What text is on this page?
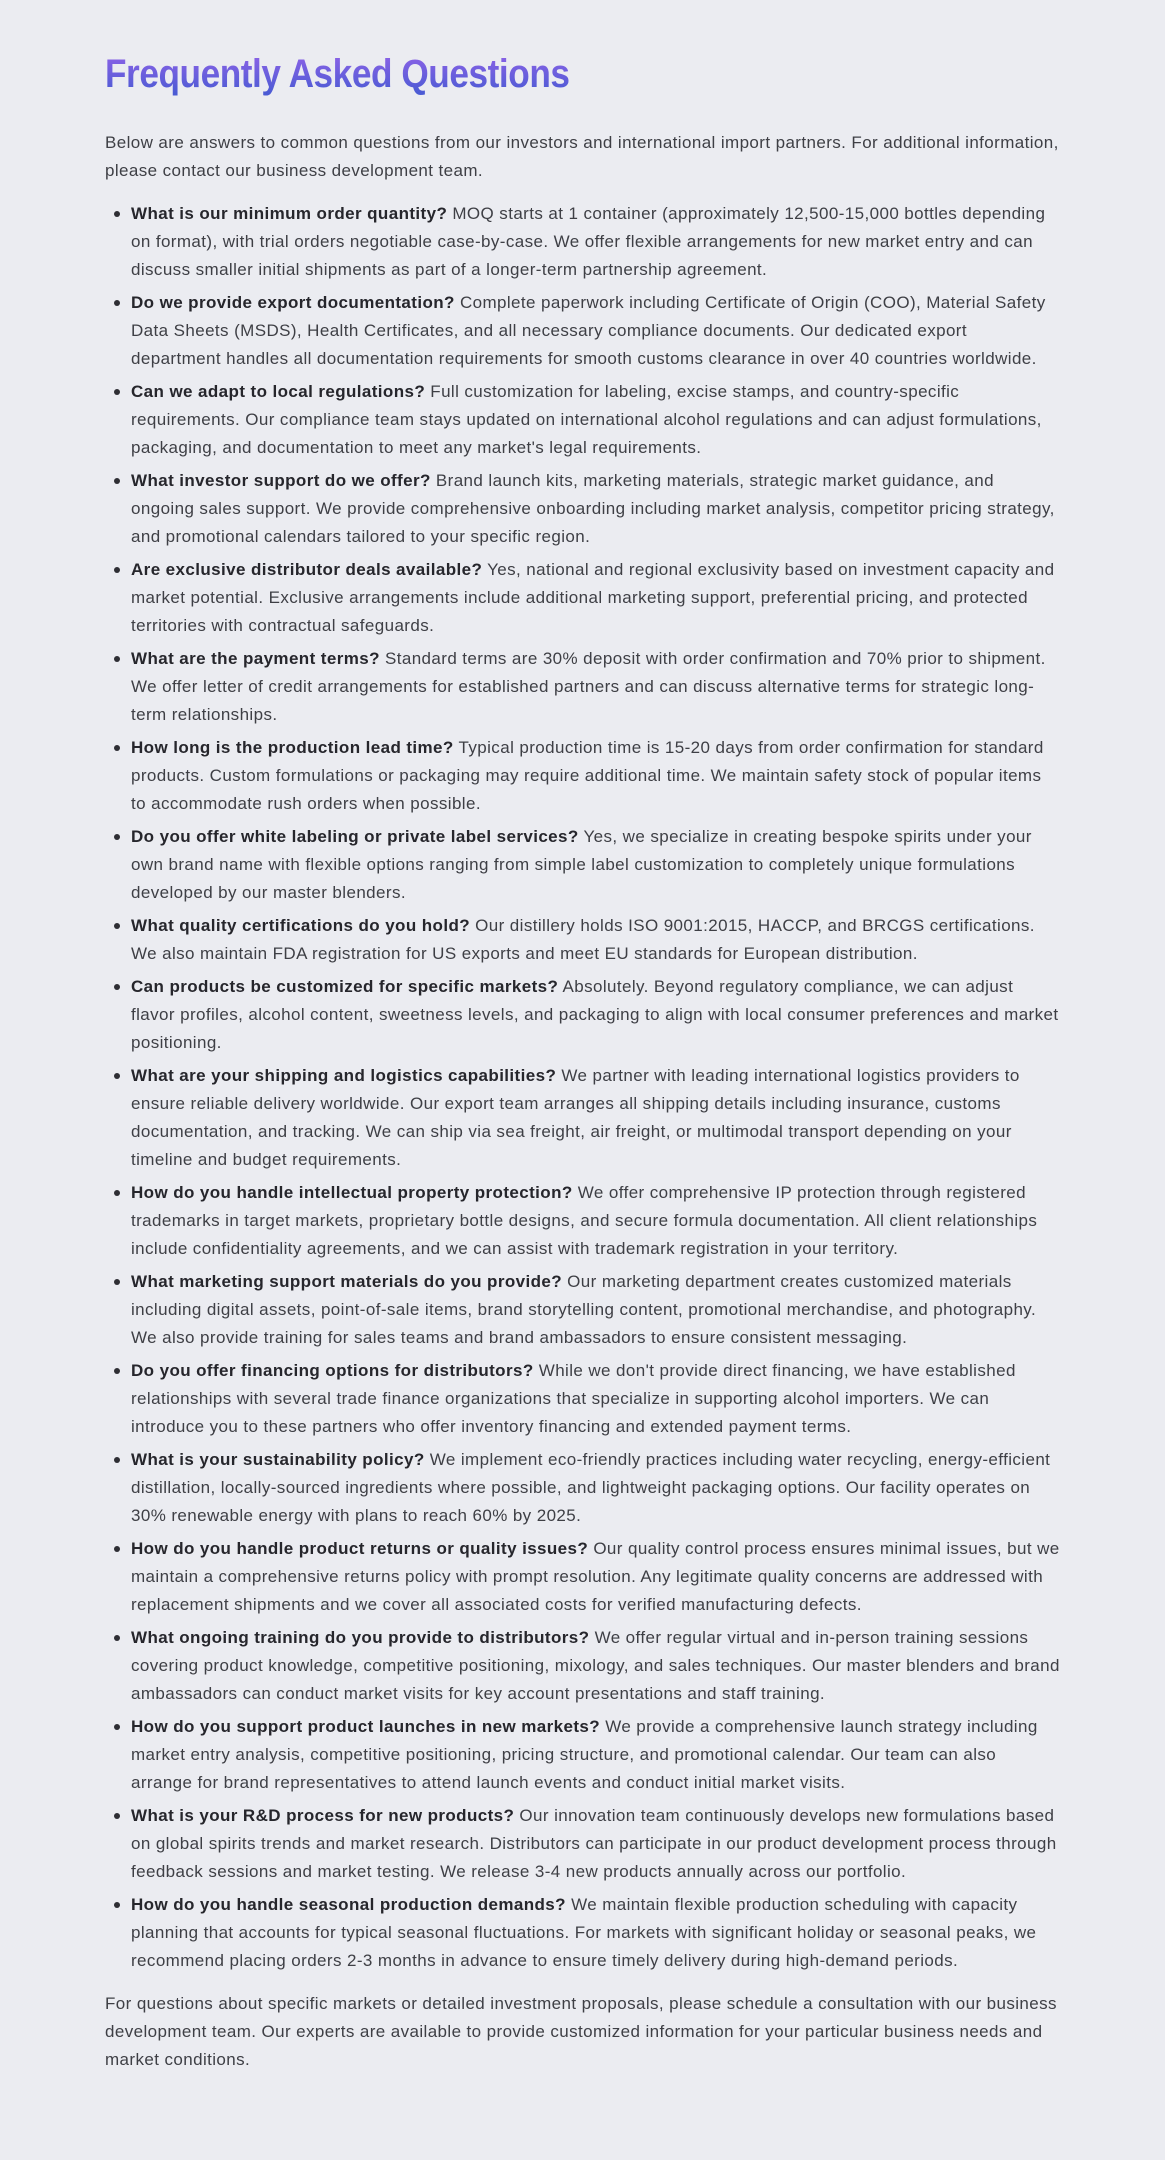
Frequently Asked Questions

Below are answers to common questions from our investors and international import partners. For additional information, please contact our business development team.

What is our minimum order quantity? MOQ starts at 1 container (approximately 12,500-15,000 bottles depending on format), with trial orders negotiable case-by-case. We offer flexible arrangements for new market entry and can discuss smaller initial shipments as part of a longer-term partnership agreement.
Do we provide export documentation? Complete paperwork including Certificate of Origin (COO), Material Safety Data Sheets (MSDS), Health Certificates, and all necessary compliance documents. Our dedicated export department handles all documentation requirements for smooth customs clearance in over 40 countries worldwide.
Can we adapt to local regulations? Full customization for labeling, excise stamps, and country-specific requirements. Our compliance team stays updated on international alcohol regulations and can adjust formulations, packaging, and documentation to meet any market's legal requirements.
What investor support do we offer? Brand launch kits, marketing materials, strategic market guidance, and ongoing sales support. We provide comprehensive onboarding including market analysis, competitor pricing strategy, and promotional calendars tailored to your specific region.
Are exclusive distributor deals available? Yes, national and regional exclusivity based on investment capacity and market potential. Exclusive arrangements include additional marketing support, preferential pricing, and protected territories with contractual safeguards.
What are the payment terms? Standard terms are 30% deposit with order confirmation and 70% prior to shipment. We offer letter of credit arrangements for established partners and can discuss alternative terms for strategic long-term relationships.
How long is the production lead time? Typical production time is 15-20 days from order confirmation for standard products. Custom formulations or packaging may require additional time. We maintain safety stock of popular items to accommodate rush orders when possible.
Do you offer white labeling or private label services? Yes, we specialize in creating bespoke spirits under your own brand name with flexible options ranging from simple label customization to completely unique formulations developed by our master blenders.
What quality certifications do you hold? Our distillery holds ISO 9001:2015, HACCP, and BRCGS certifications. We also maintain FDA registration for US exports and meet EU standards for European distribution.
Can products be customized for specific markets? Absolutely. Beyond regulatory compliance, we can adjust flavor profiles, alcohol content, sweetness levels, and packaging to align with local consumer preferences and market positioning.
What are your shipping and logistics capabilities? We partner with leading international logistics providers to ensure reliable delivery worldwide. Our export team arranges all shipping details including insurance, customs documentation, and tracking. We can ship via sea freight, air freight, or multimodal transport depending on your timeline and budget requirements.
How do you handle intellectual property protection? We offer comprehensive IP protection through registered trademarks in target markets, proprietary bottle designs, and secure formula documentation. All client relationships include confidentiality agreements, and we can assist with trademark registration in your territory.
What marketing support materials do you provide? Our marketing department creates customized materials including digital assets, point-of-sale items, brand storytelling content, promotional merchandise, and photography. We also provide training for sales teams and brand ambassadors to ensure consistent messaging.
Do you offer financing options for distributors? While we don't provide direct financing, we have established relationships with several trade finance organizations that specialize in supporting alcohol importers. We can introduce you to these partners who offer inventory financing and extended payment terms.
What is your sustainability policy? We implement eco-friendly practices including water recycling, energy-efficient distillation, locally-sourced ingredients where possible, and lightweight packaging options. Our facility operates on 30% renewable energy with plans to reach 60% by 2025.
How do you handle product returns or quality issues? Our quality control process ensures minimal issues, but we maintain a comprehensive returns policy with prompt resolution. Any legitimate quality concerns are addressed with replacement shipments and we cover all associated costs for verified manufacturing defects.
What ongoing training do you provide to distributors? We offer regular virtual and in-person training sessions covering product knowledge, competitive positioning, mixology, and sales techniques. Our master blenders and brand ambassadors can conduct market visits for key account presentations and staff training.
How do you support product launches in new markets? We provide a comprehensive launch strategy including market entry analysis, competitive positioning, pricing structure, and promotional calendar. Our team can also arrange for brand representatives to attend launch events and conduct initial market visits.
What is your R&D process for new products? Our innovation team continuously develops new formulations based on global spirits trends and market research. Distributors can participate in our product development process through feedback sessions and market testing. We release 3-4 new products annually across our portfolio.
How do you handle seasonal production demands? We maintain flexible production scheduling with capacity planning that accounts for typical seasonal fluctuations. For markets with significant holiday or seasonal peaks, we recommend placing orders 2-3 months in advance to ensure timely delivery during high-demand periods.

For questions about specific markets or detailed investment proposals, please schedule a consultation with our business development team. Our experts are available to provide customized information for your particular business needs and market conditions.
